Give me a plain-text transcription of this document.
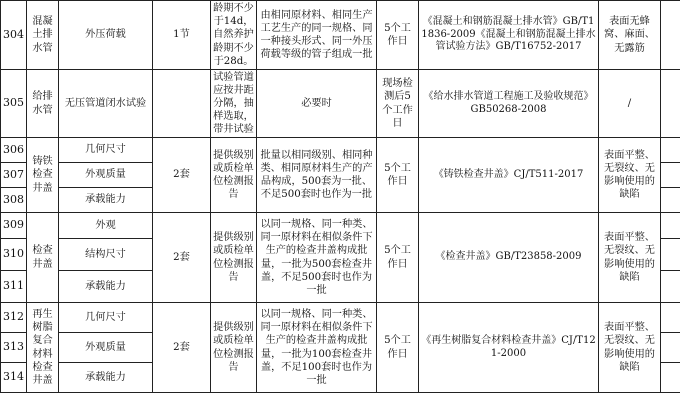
304	混凝土排水管	外压荷载	1节	龄期不少于14d，自然养护龄期不少于28d。	由相同原材料、相同生产工艺生产的同一规格、同一种接头形式、同一外压荷载等级的管子组成一批	5个工作日	《混凝土和钢筋混凝土排水管》GB/T11836-2009《混凝土和钢筋混凝土排水管试验方法》GB/T16752-2017	表面无蜂窝、麻面、无露筋	
305	给排水管	无压管道闭水试验		试验管道应按井距分隔，抽样选取，带井试验	必要时	现场检测后5个工作日	《给水排水管道工程施工及验收规范》GB50268-2008	/	
306	铸铁检查井盖	几何尺寸	2套	提供级别或质检单位检测报告	批量以相同级别、相同种类、相同原材料生产的产品构成，500套为一批、不足500套时也作为一批	5个工作日	《铸铁检查井盖》CJ/T511-2017	表面平整、无裂纹、无影响使用的缺陷	
307		外观质量							
308		承载能力							
309	检查井盖	外观	2套	提供级别或质检单位检测报告	以同一规格、同一种类、同一原材料在相似条件下生产的检查井盖构成批量，一批为500套检查井盖，不足500套时也作为一批	5个工作日	《检查井盖》GB/T23858-2009	表面平整、无裂纹、无影响使用的缺陷	
310		结构尺寸							
311		承载能力							
312	再生树脂复合材料检查井盖	几何尺寸	2套	提供级别或质检单位检测报告	以同一规格、同一种类、同一原材料在相似条件下生产的检查井盖构成批量，一批为100套检查井盖，不足100套时也作为一批	5个工作日	《再生树脂复合材料检查井盖》CJ/T121-2000	表面平整、无裂纹、无影响使用的缺陷	
313		外观质量							
314		承载能力							
